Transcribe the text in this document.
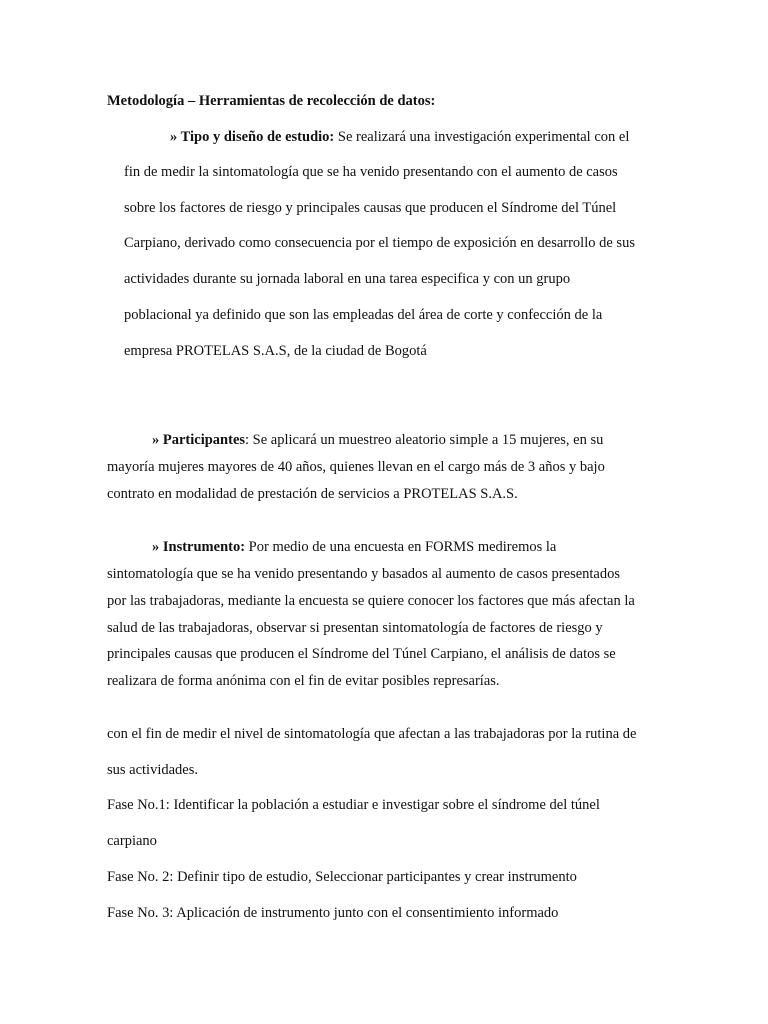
Metodología – Herramientas de recolección de datos:
» Tipo y diseño de estudio: Se realizará una investigación experimental con el
fin de medir la sintomatología que se ha venido presentando con el aumento de casos
sobre los factores de riesgo y principales causas que producen el Síndrome del Túnel
Carpiano, derivado como consecuencia por el tiempo de exposición en desarrollo de sus
actividades durante su jornada laboral en una tarea especifica y con un grupo
poblacional ya definido que son las empleadas del área de corte y confección de la
empresa PROTELAS S.A.S, de la ciudad de Bogotá
» Participantes: Se aplicará un muestreo aleatorio simple a 15 mujeres, en su
mayoría mujeres mayores de 40 años, quienes llevan en el cargo más de 3 años y bajo
contrato en modalidad de prestación de servicios a PROTELAS S.A.S.
» Instrumento: Por medio de una encuesta en FORMS mediremos la
sintomatología que se ha venido presentando y basados al aumento de casos presentados
por las trabajadoras, mediante la encuesta se quiere conocer los factores que más afectan la
salud de las trabajadoras, observar si presentan sintomatología de factores de riesgo y
principales causas que producen el Síndrome del Túnel Carpiano, el análisis de datos se
realizara de forma anónima con el fin de evitar posibles represarías.
con el fin de medir el nivel de sintomatología que afectan a las trabajadoras por la rutina de
sus actividades.
Fase No.1: Identificar la población a estudiar e investigar sobre el síndrome del túnel
carpiano
Fase No. 2: Definir tipo de estudio, Seleccionar participantes y crear instrumento
Fase No. 3: Aplicación de instrumento junto con el consentimiento informado
